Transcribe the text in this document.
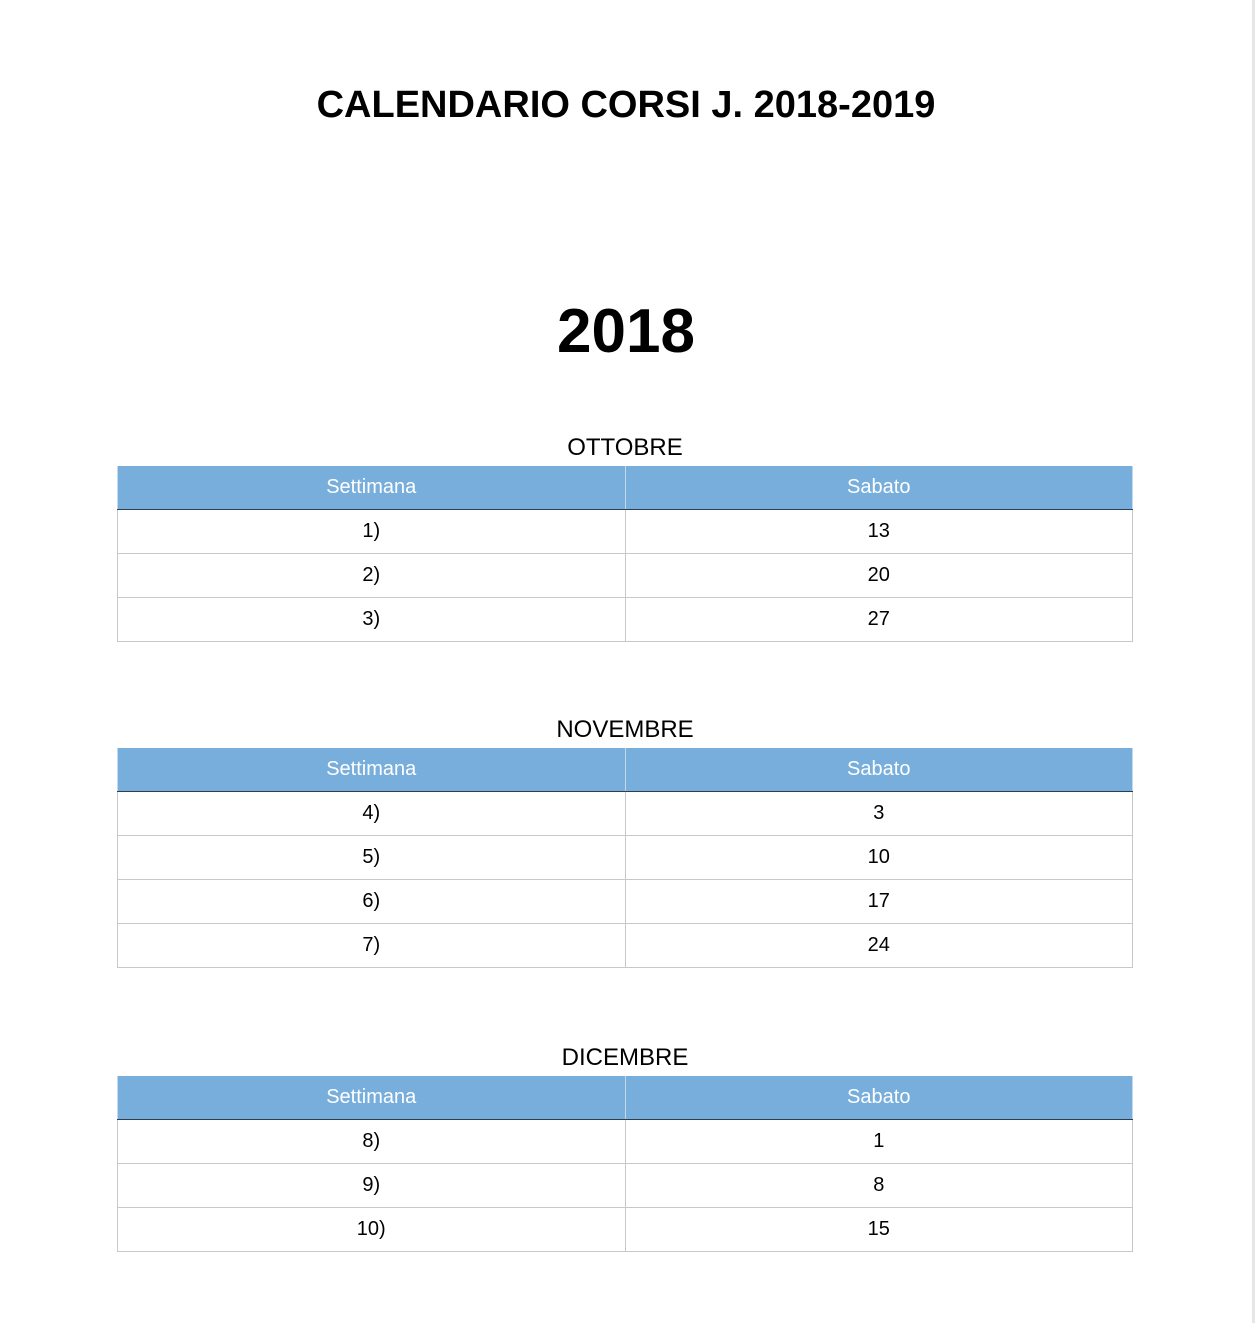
CALENDARIO CORSI J. 2018-2019
2018
OTTOBRE
Settimana	Sabato
1)	13
2)	20
3)	27
NOVEMBRE
Settimana	Sabato
4)	3
5)	10
6)	17
7)	24
DICEMBRE
Settimana	Sabato
8)	1
9)	8
10)	15
